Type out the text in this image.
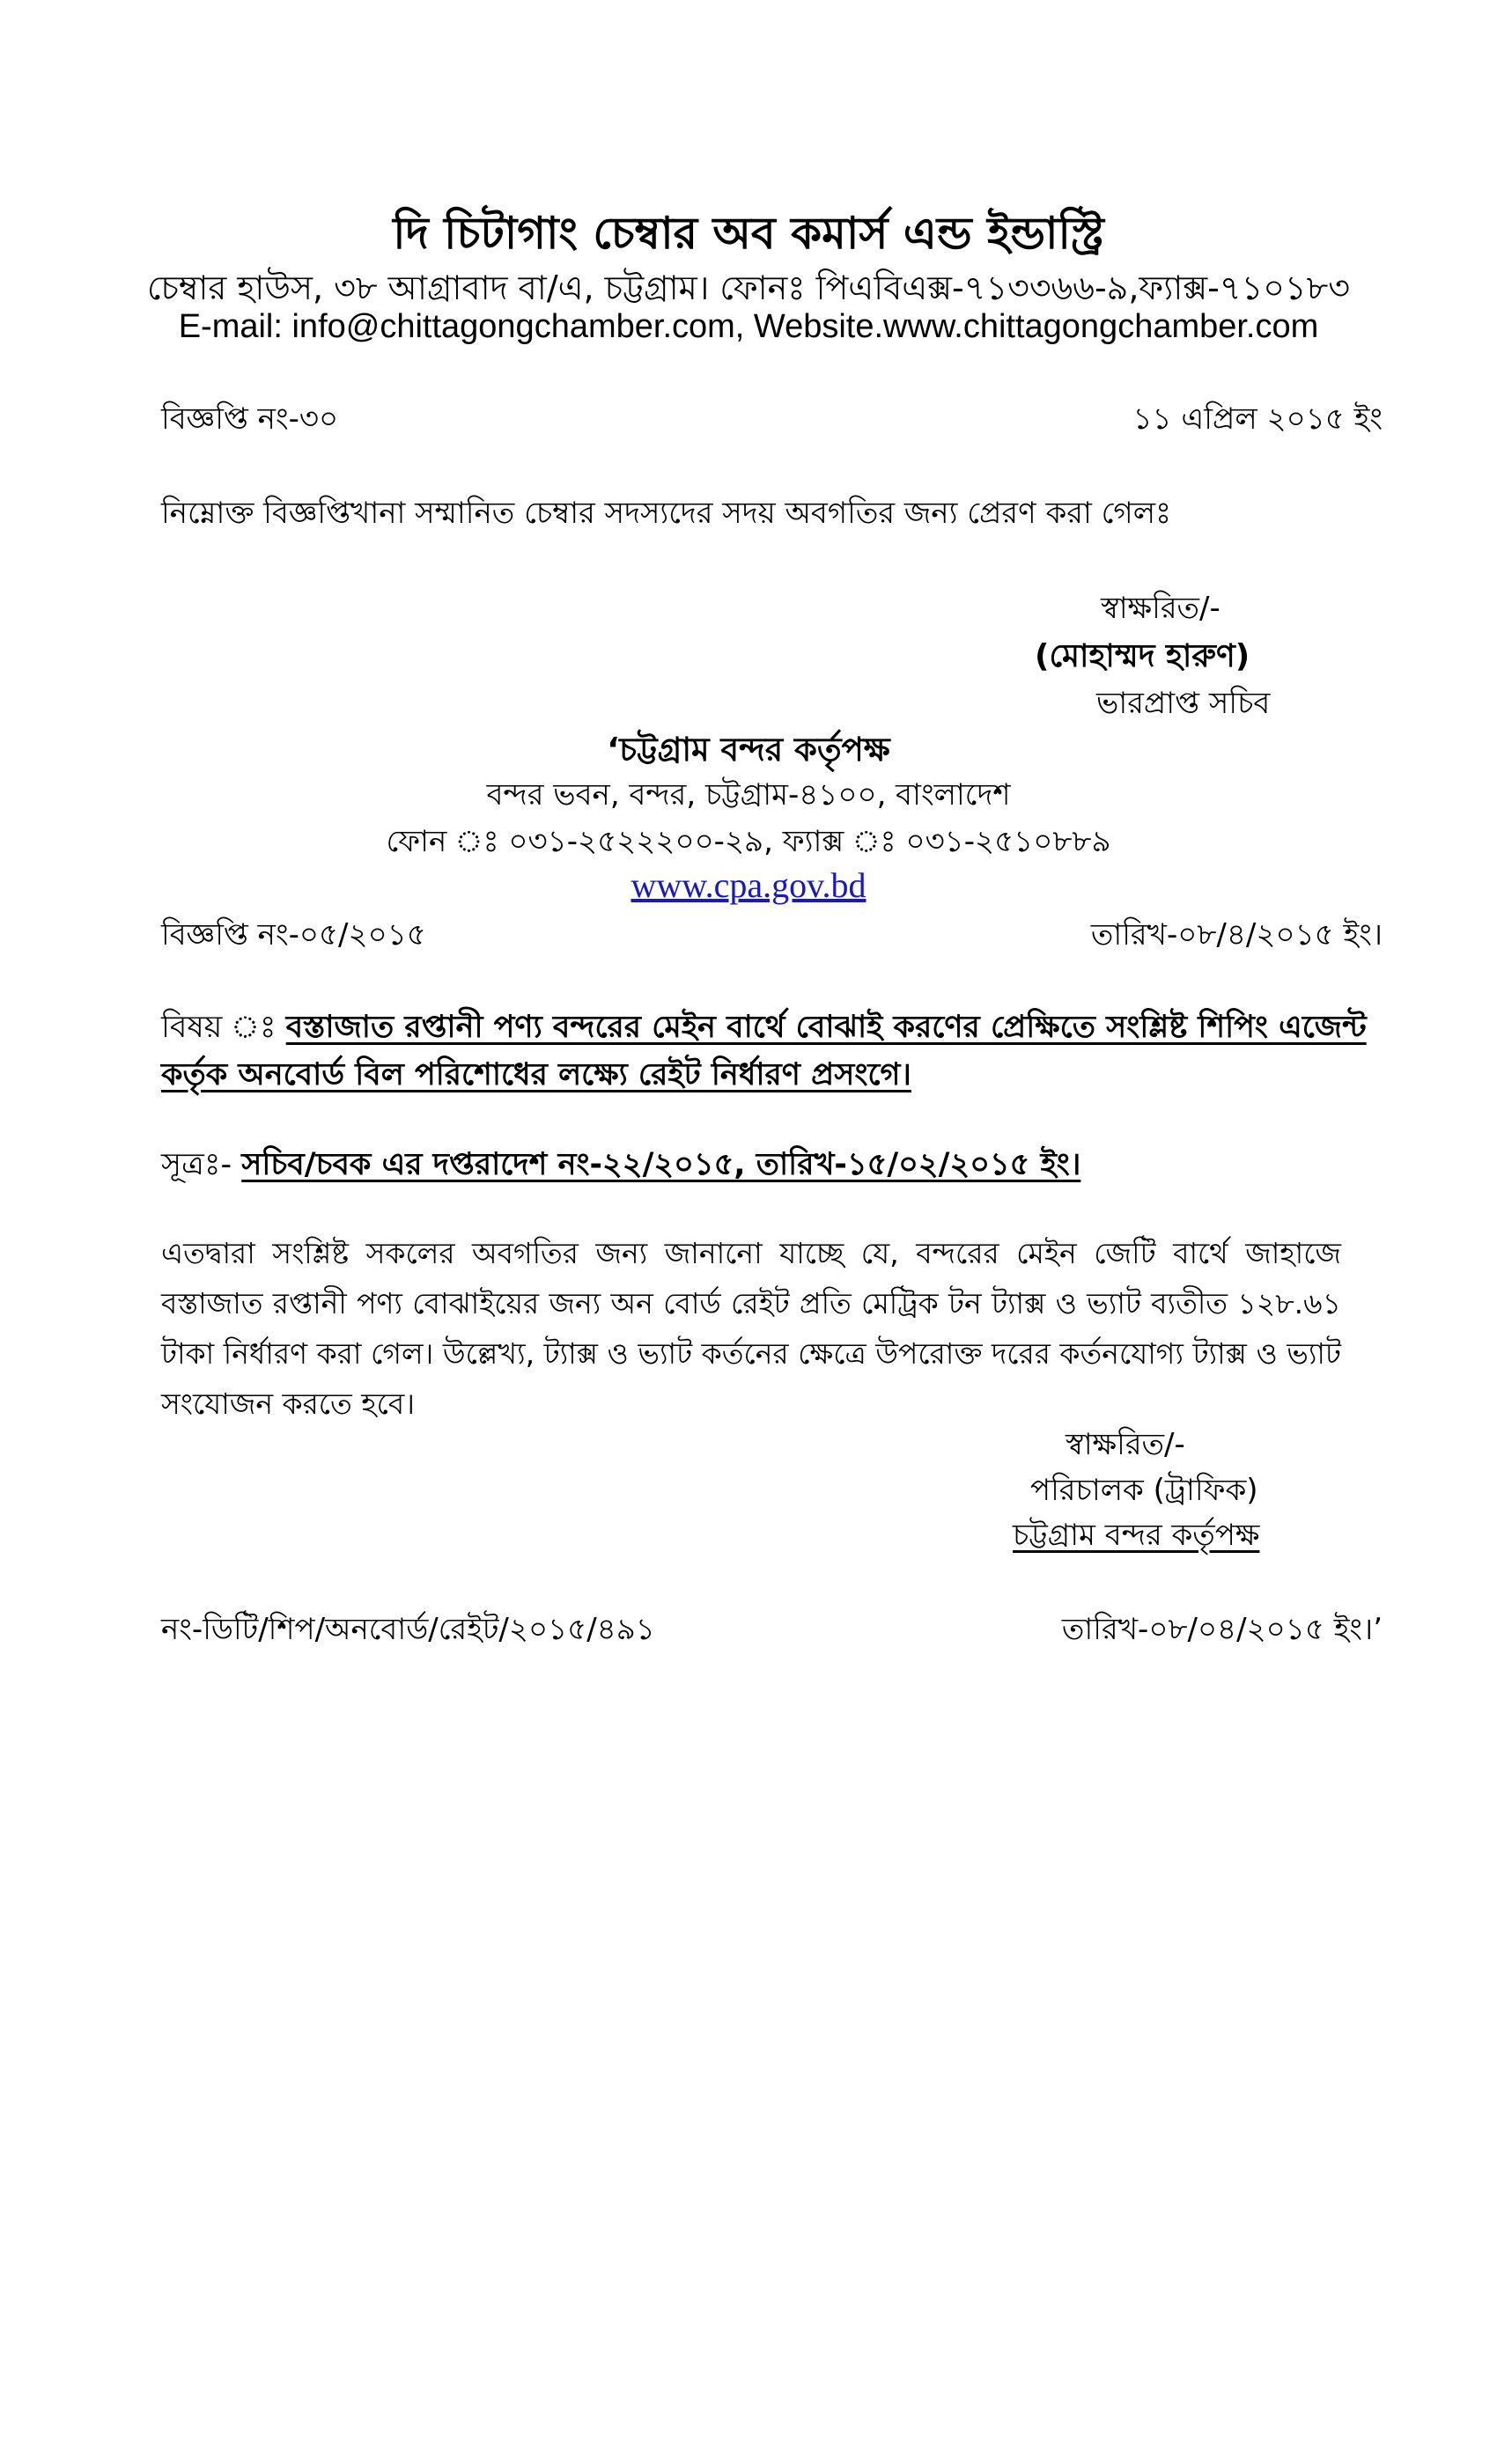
দি চিটাগাং চেম্বার অব কমার্স এন্ড ইন্ডাস্ট্রি
চেম্বার হাউস, ৩৮ আগ্রাবাদ বা/এ, চট্টগ্রাম। ফোনঃ পিএবিএক্স-৭১৩৩৬৬-৯,ফ্যাক্স-৭১০১৮৩
E-mail: info@chittagongchamber.com, Website.www.chittagongchamber.com
বিজ্ঞপ্তি নং-৩০	১১ এপ্রিল ২০১৫ ইং
নিম্নোক্ত বিজ্ঞপ্তিখানা সম্মানিত চেম্বার সদস্যদের সদয় অবগতির জন্য প্রেরণ করা গেলঃ
স্বাক্ষরিত/-
(মোহাম্মদ হারুণ)
ভারপ্রাপ্ত সচিব
‘চট্টগ্রাম বন্দর কর্তৃপক্ষ
বন্দর ভবন, বন্দর, চট্টগ্রাম-৪১০০, বাংলাদেশ
ফোন ঃ ০৩১-২৫২২২০০-২৯, ফ্যাক্স ঃ ০৩১-২৫১০৮৮৯
www.cpa.gov.bd
বিজ্ঞপ্তি নং-০৫/২০১৫	তারিখ-০৮/৪/২০১৫ ইং।
বিষয় ঃ বস্তাজাত রপ্তানী পণ্য বন্দরের মেইন বার্থে বোঝাই করণের প্রেক্ষিতে সংশ্লিষ্ট শিপিং এজেন্ট কর্তৃক অনবোর্ড বিল পরিশোধের লক্ষ্যে রেইট নির্ধারণ প্রসংগে।
সূত্রঃ- সচিব/চবক এর দপ্তরাদেশ নং-২২/২০১৫, তারিখ-১৫/০২/২০১৫ ইং।
এতদ্বারা সংশ্লিষ্ট সকলের অবগতির জন্য জানানো যাচ্ছে যে, বন্দরের মেইন জেটি বার্থে জাহাজে বস্তাজাত রপ্তানী পণ্য বোঝাইয়ের জন্য অন বোর্ড রেইট প্রতি মেট্রিক টন ট্যাক্স ও ভ্যাট ব্যতীত ১২৮.৬১ টাকা নির্ধারণ করা গেল। উল্লেখ্য, ট্যাক্স ও ভ্যাট কর্তনের ক্ষেত্রে উপরোক্ত দরের কর্তনযোগ্য ট্যাক্স ও ভ্যাট সংযোজন করতে হবে।
স্বাক্ষরিত/-
পরিচালক (ট্রাফিক)
চট্টগ্রাম বন্দর কর্তৃপক্ষ
নং-ডিটি/শিপ/অনবোর্ড/রেইট/২০১৫/৪৯১	তারিখ-০৮/০৪/২০১৫ ইং।’
